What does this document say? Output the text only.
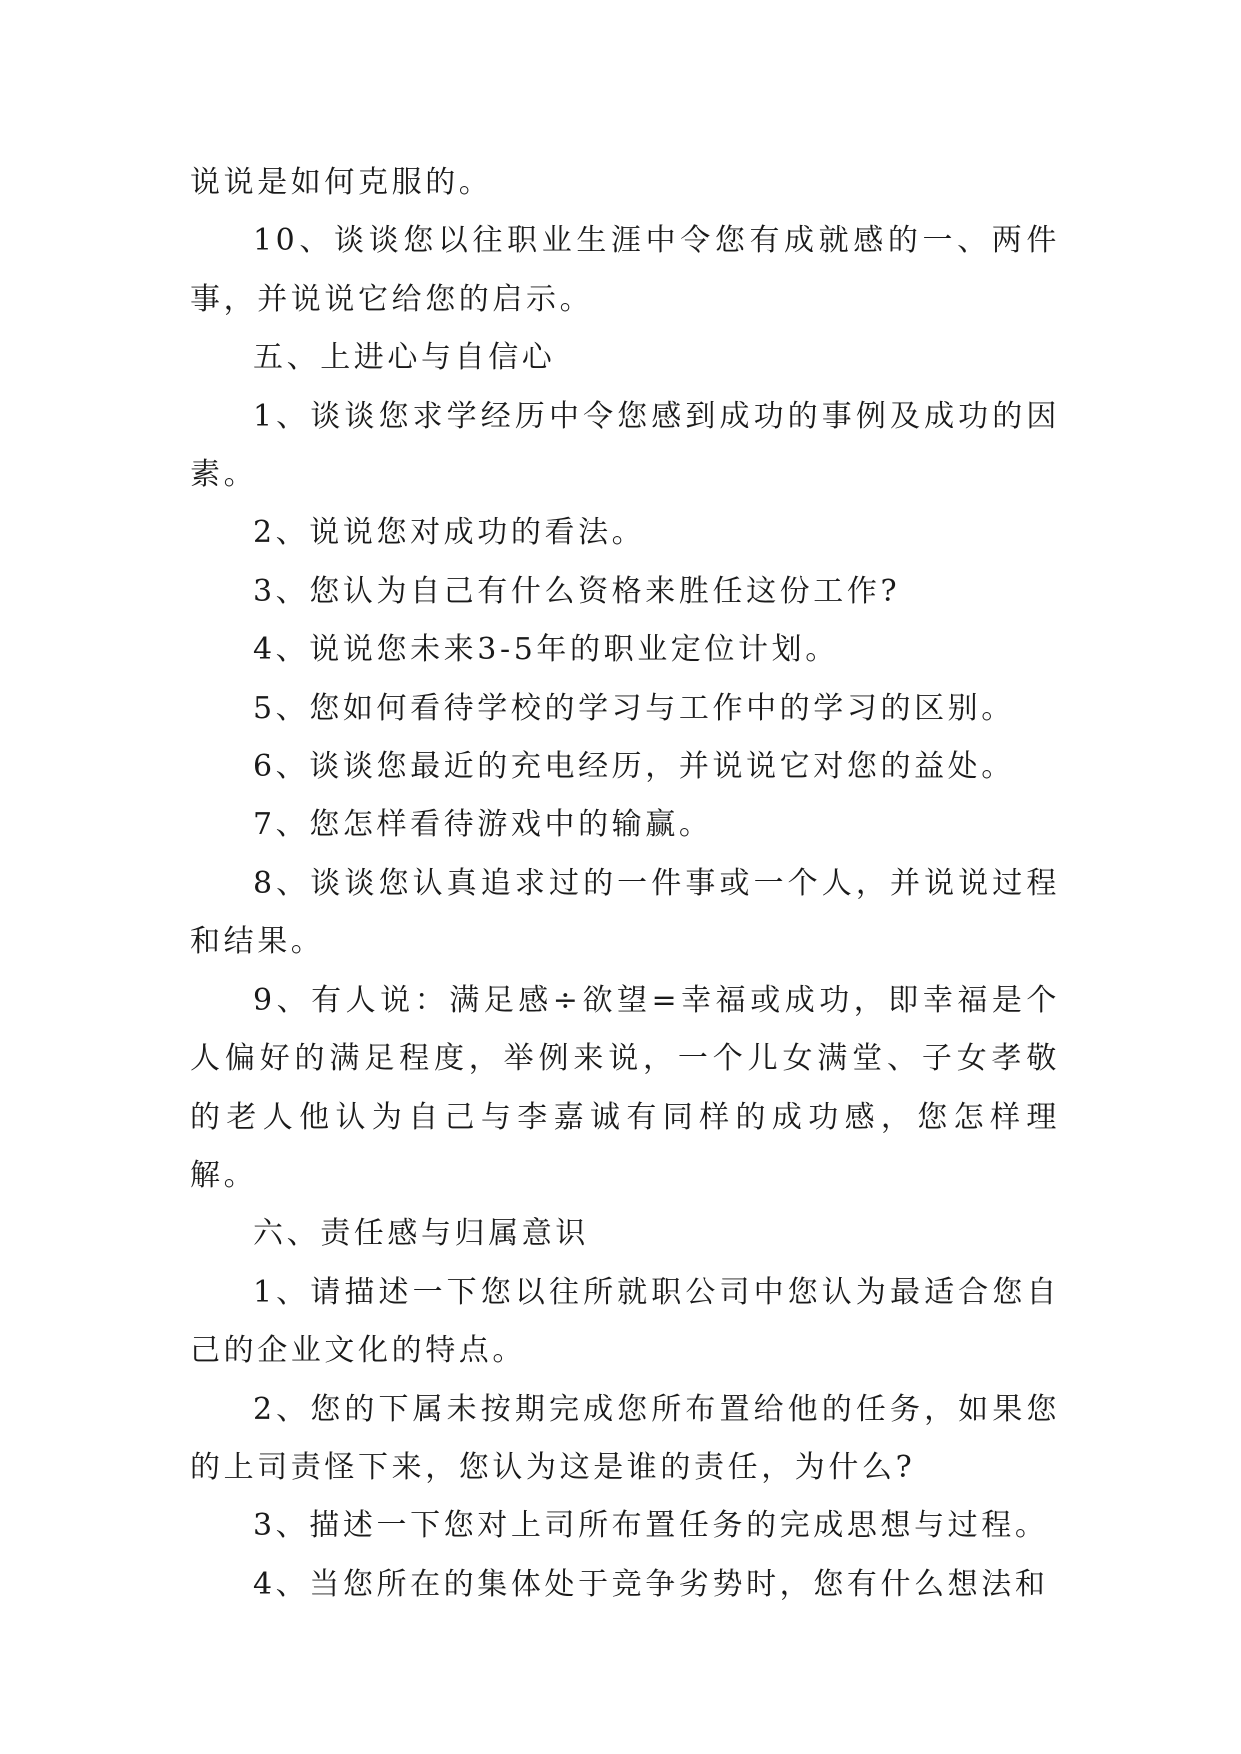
说说是如何克服的。

10、谈谈您以往职业生涯中令您有成就感的一、两件事，并说说它给您的启示。

五、上进心与自信心

1、谈谈您求学经历中令您感到成功的事例及成功的因素。

2、说说您对成功的看法。

3、您认为自己有什么资格来胜任这份工作?

4、说说您未来3-5年的职业定位计划。

5、您如何看待学校的学习与工作中的学习的区别。

6、谈谈您最近的充电经历，并说说它对您的益处。

7、您怎样看待游戏中的输赢。

8、谈谈您认真追求过的一件事或一个人，并说说过程和结果。

9、有人说：满足感÷欲望=幸福或成功，即幸福是个人偏好的满足程度，举例来说，一个儿女满堂、子女孝敬的老人他认为自己与李嘉诚有同样的成功感，您怎样理解。

六、责任感与归属意识

1、请描述一下您以往所就职公司中您认为最适合您自己的企业文化的特点。

2、您的下属未按期完成您所布置给他的任务，如果您的上司责怪下来，您认为这是谁的责任，为什么?

3、描述一下您对上司所布置任务的完成思想与过程。

4、当您所在的集体处于竞争劣势时，您有什么想法和
